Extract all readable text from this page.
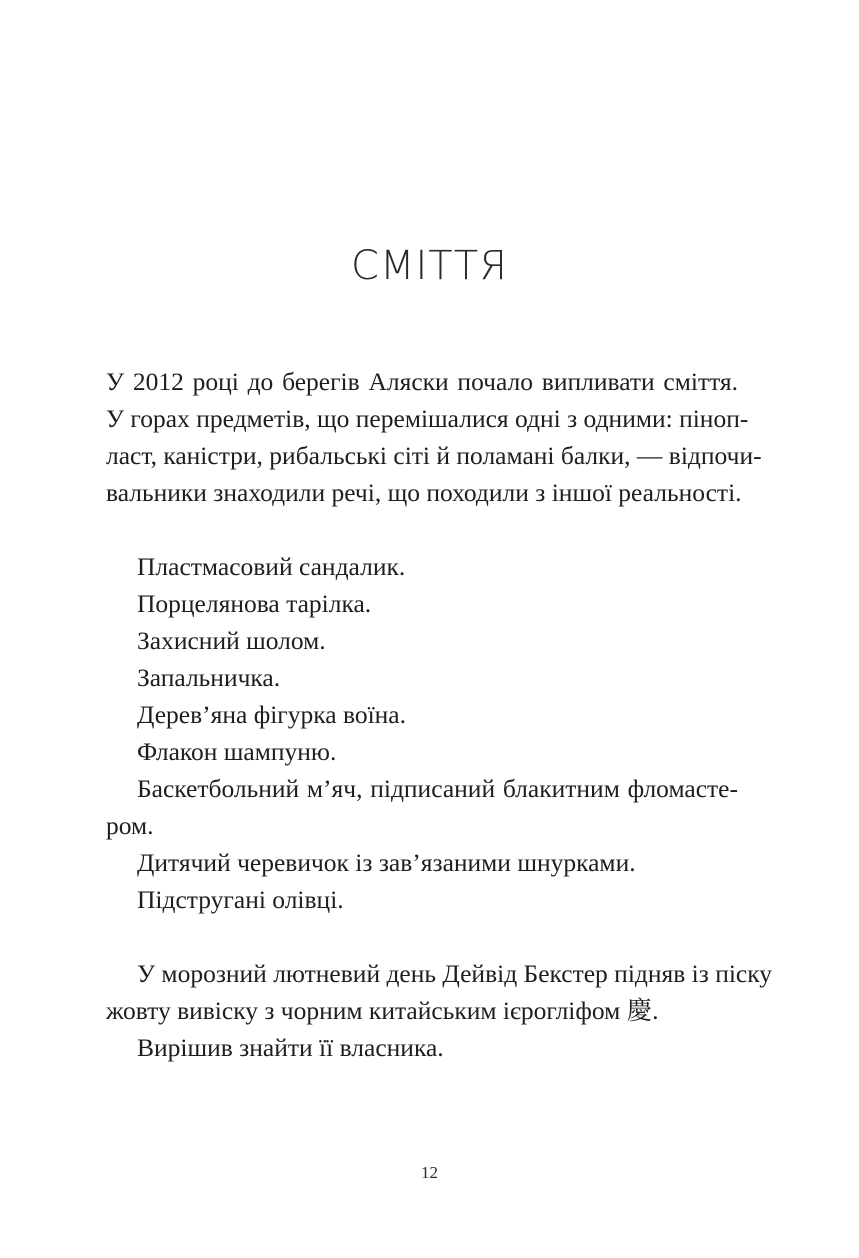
СМІТТЯ
У 2012 році до берегів Аляски почало випливати сміття.
У горах предметів, що перемішалися одні з одними: піноп-
ласт, каністри, рибальські сіті й поламані балки, — відпочи-
вальники знаходили речі, що походили з іншої реальності.
Пластмасовий сандалик.
Порцелянова тарілка.
Захисний шолом.
Запальничка.
Дерев’яна фігурка воїна.
Флакон шампуню.
Баскетбольний м’яч, підписаний блакитним фломасте-
ром.
Дитячий черевичок із зав’язаними шнурками.
Підструганi олівці.
У морозний лютневий день Дейвід Бекстер підняв із піску
жовту вивіску з чорним китайським ієрогліфом 慶.
Вирішив знайти її власника.
12
